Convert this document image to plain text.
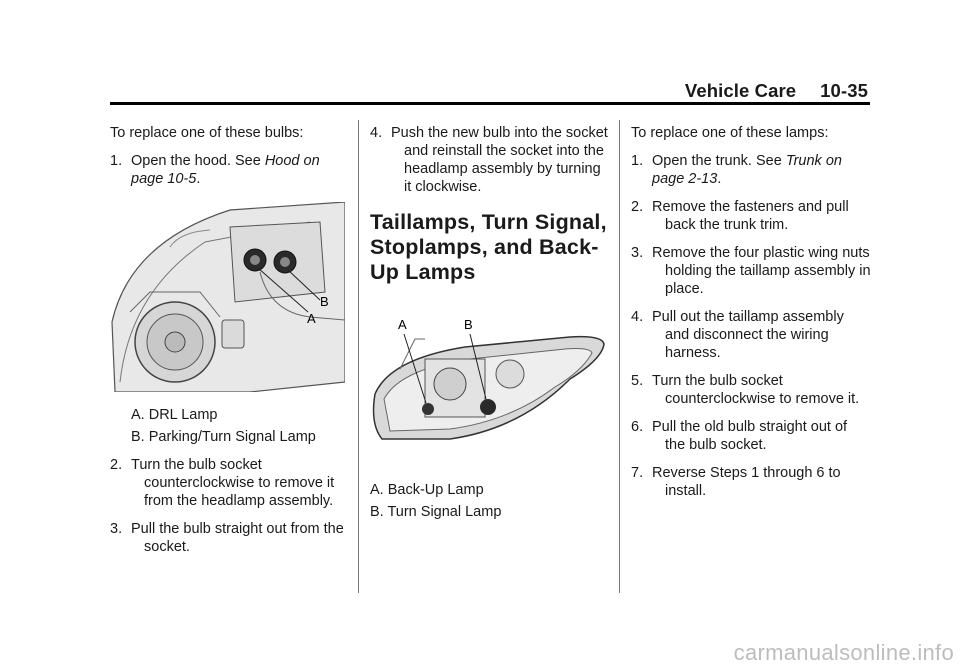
Vehicle Care 10-35

To replace one of these bulbs:

1. Open the hood. See Hood on page 10-5.
B
A
A. DRL Lamp
B. Parking/Turn Signal Lamp
2. Turn the bulb socket counterclockwise to remove it from the headlamp assembly.
3. Pull the bulb straight out from the socket.
4. Push the new bulb into the socket and reinstall the socket into the headlamp assembly by turning it clockwise.
Taillamps, Turn Signal, Stoplamps, and Back-Up Lamps
A	B
A. Back-Up Lamp
B. Turn Signal Lamp

To replace one of these lamps:

1. Open the trunk. See Trunk on page 2-13.
2. Remove the fasteners and pull back the trunk trim.
3. Remove the four plastic wing nuts holding the taillamp assembly in place.
4. Pull out the taillamp assembly and disconnect the wiring harness.
5. Turn the bulb socket counterclockwise to remove it.
6. Pull the old bulb straight out of the bulb socket.
7. Reverse Steps 1 through 6 to install.
carmanualsonline.info
